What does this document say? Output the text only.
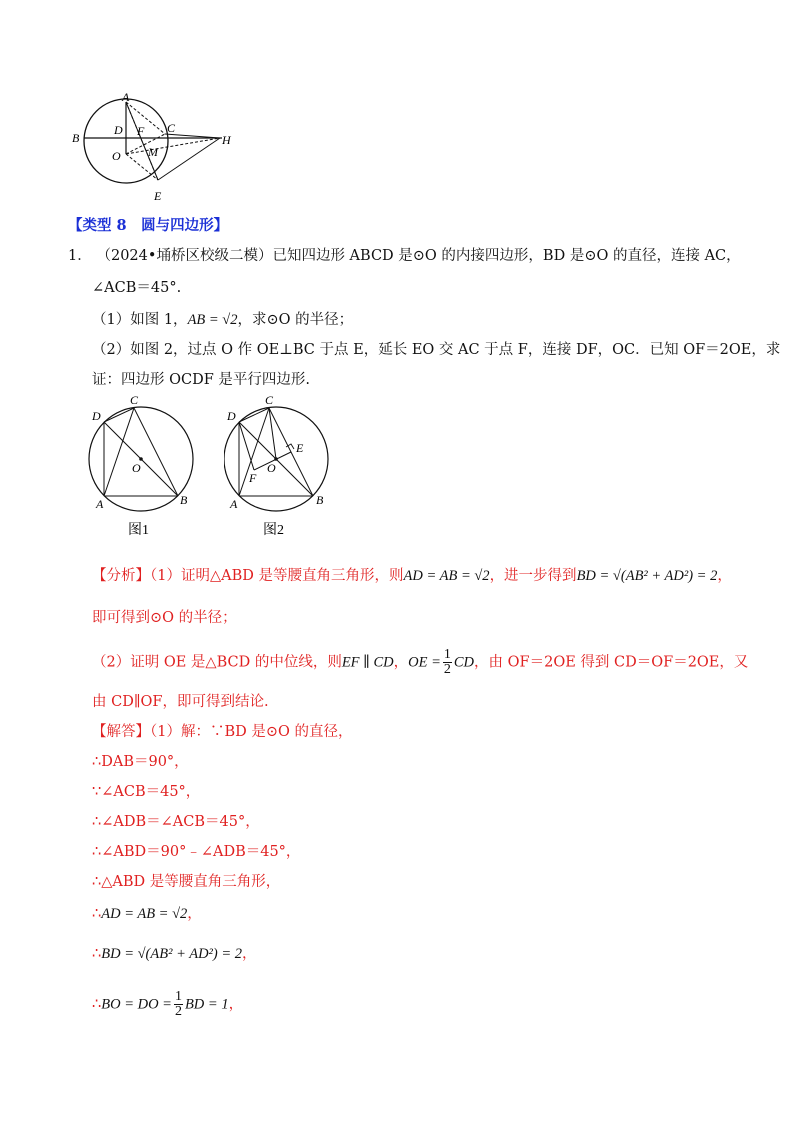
A
B
D F C
H
O M
E
【类型 8　圆与四边形】
1． （2024•埇桥区校级二模）已知四边形 ABCD 是⊙O 的内接四边形，BD 是⊙O 的直径，连接 AC，
∠ACB＝45°.
（1）如图 1，AB = √2，求⊙O 的半径；
（2）如图 2，过点 O 作 OE⊥BC 于点 E，延长 EO 交 AC 于点 F，连接 DF，OC．已知 OF＝2OE，求
证：四边形 OCDF 是平行四边形.
D
C
O
A	B
图1
D
C
E
O
F
A	B
图2
【分析】（1）证明△ABD 是等腰直角三角形，则AD = AB = √2，进一步得到BD = √(AB² + AD²) = 2，
即可得到⊙O 的半径；
（2）证明 OE 是△BCD 的中位线，则EF ∥ CD，OE = $\frac{1}{2}$ CD，由 OF＝2OE 得到 CD＝OF＝2OE，又
由 CD∥OF，即可得到结论.
【解答】（1）解：∵BD 是⊙O 的直径，
∴DAB＝90°，
∵∠ACB＝45°，
∴∠ADB＝∠ACB＝45°，
∴∠ABD＝90°﹣∠ADB＝45°，
∴△ABD 是等腰直角三角形，
∴AD = AB = √2，
∴BD = √(AB² + AD²) = 2，
∴BO = DO = $\frac{1}{2}$ BD = 1，
